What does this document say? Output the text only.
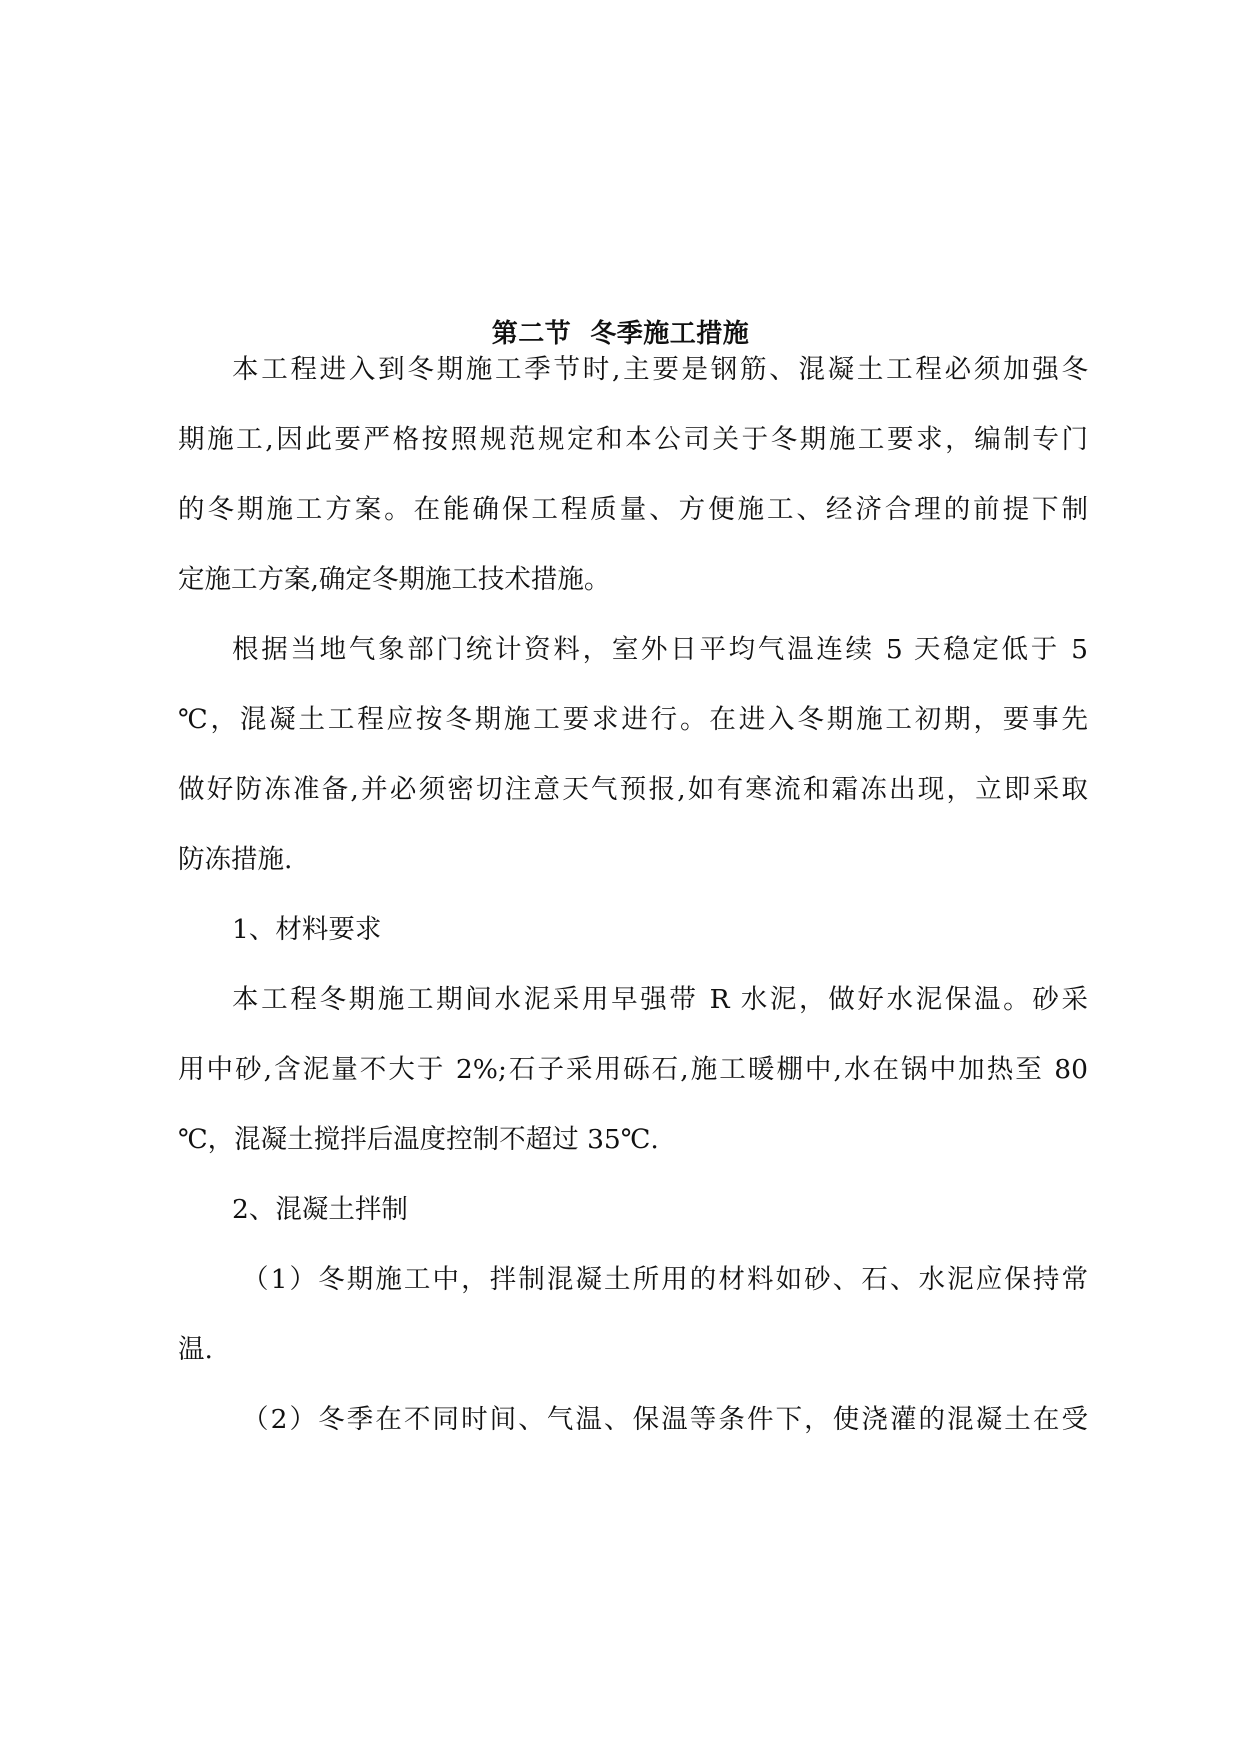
第二节  冬季施工措施
本工程进入到冬期施工季节时,主要是钢筋、混凝土工程必须加强冬
期施工,因此要严格按照规范规定和本公司关于冬期施工要求，编制专门
的冬期施工方案。在能确保工程质量、方便施工、经济合理的前提下制
定施工方案,确定冬期施工技术措施。
根据当地气象部门统计资料，室外日平均气温连续 5 天稳定低于 5
℃，混凝土工程应按冬期施工要求进行。在进入冬期施工初期，要事先
做好防冻准备,并必须密切注意天气预报,如有寒流和霜冻出现，立即采取
防冻措施.
1、材料要求
本工程冬期施工期间水泥采用早强带 R 水泥，做好水泥保温。砂采
用中砂,含泥量不大于 2%;石子采用砾石,施工暖棚中,水在锅中加热至 80
℃，混凝土搅拌后温度控制不超过 35℃.
2、混凝土拌制
（1）冬期施工中，拌制混凝土所用的材料如砂、石、水泥应保持常
温.
（2）冬季在不同时间、气温、保温等条件下，使浇灌的混凝土在受
